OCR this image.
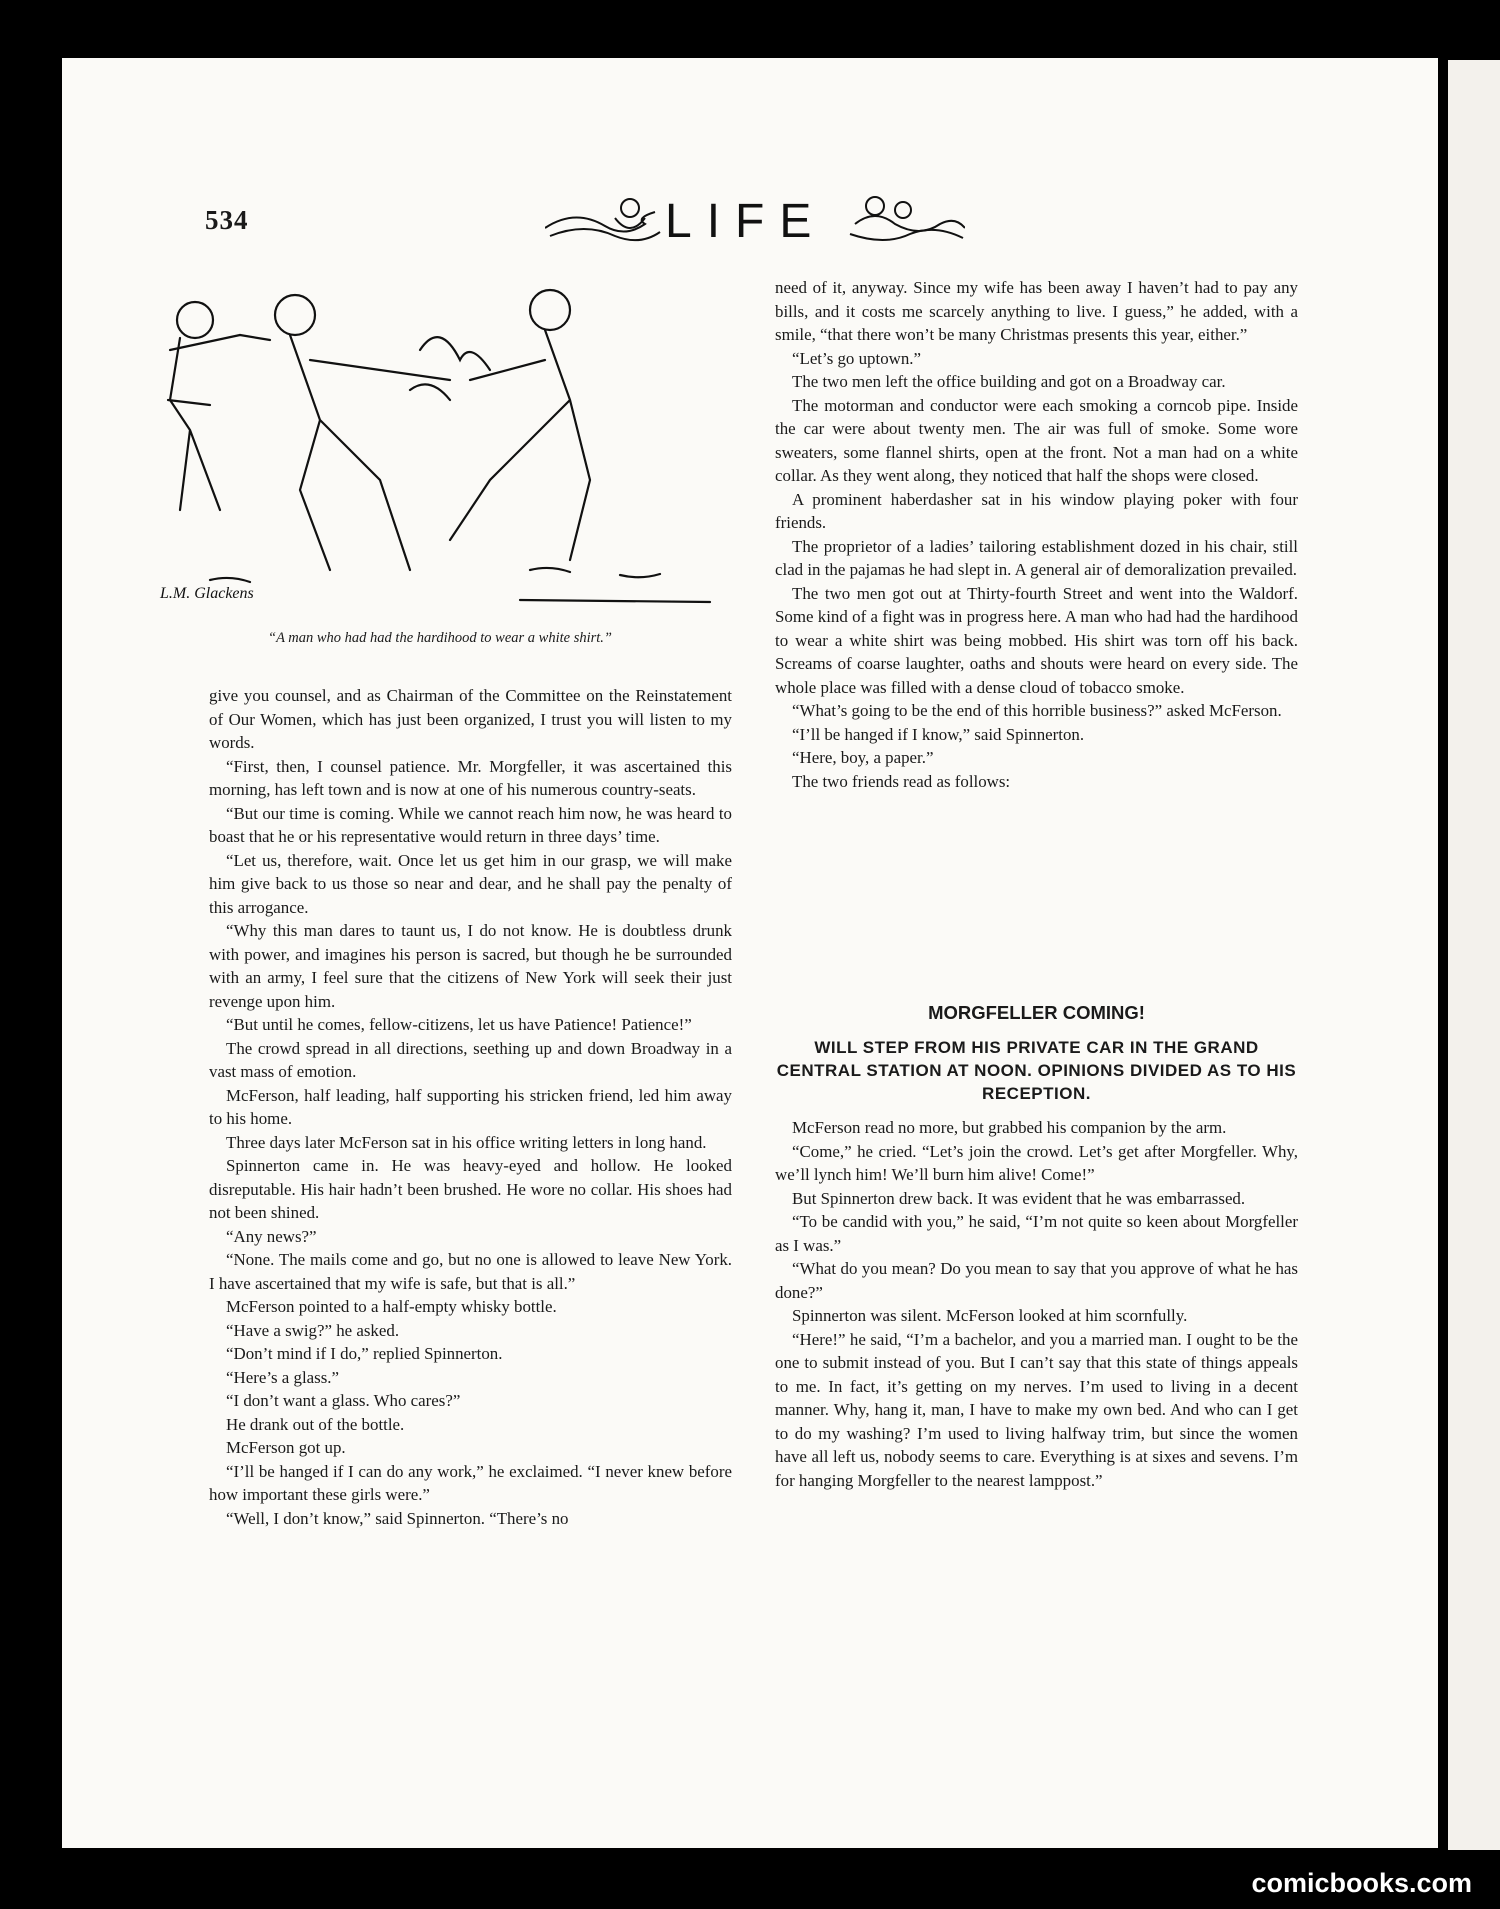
534	LIFE
L.M. Glackens
“A man who had had the hardihood to wear a white shirt.”

give you counsel, and as Chairman of the Committee on the Reinstatement of Our Women, which has just been organized, I trust you will listen to my words.

“First, then, I counsel patience. Mr. Morgfeller, it was ascertained this morning, has left town and is now at one of his numerous country-seats.

“But our time is coming. While we cannot reach him now, he was heard to boast that he or his representative would return in three days’ time.

“Let us, therefore, wait. Once let us get him in our grasp, we will make him give back to us those so near and dear, and he shall pay the penalty of this arrogance.

“Why this man dares to taunt us, I do not know. He is doubtless drunk with power, and imagines his person is sacred, but though he be surrounded with an army, I feel sure that the citizens of New York will seek their just revenge upon him.

“But until he comes, fellow-citizens, let us have Patience! Patience!”

The crowd spread in all directions, seething up and down Broadway in a vast mass of emotion.

McFerson, half leading, half supporting his stricken friend, led him away to his home.

Three days later McFerson sat in his office writing letters in long hand.

Spinnerton came in. He was heavy-eyed and hollow. He looked disreputable. His hair hadn’t been brushed. He wore no collar. His shoes had not been shined.

“Any news?”

“None. The mails come and go, but no one is allowed to leave New York. I have ascertained that my wife is safe, but that is all.”

McFerson pointed to a half-empty whisky bottle.

“Have a swig?” he asked.

“Don’t mind if I do,” replied Spinnerton.

“Here’s a glass.”

“I don’t want a glass. Who cares?”

He drank out of the bottle.

McFerson got up.

“I’ll be hanged if I can do any work,” he exclaimed. “I never knew before how important these girls were.”

“Well, I don’t know,” said Spinnerton. “There’s no

need of it, anyway. Since my wife has been away I haven’t had to pay any bills, and it costs me scarcely anything to live. I guess,” he added, with a smile, “that there won’t be many Christmas presents this year, either.”

“Let’s go uptown.”

The two men left the office building and got on a Broadway car.

The motorman and conductor were each smoking a corncob pipe. Inside the car were about twenty men. The air was full of smoke. Some wore sweaters, some flannel shirts, open at the front. Not a man had on a white collar. As they went along, they noticed that half the shops were closed.

A prominent haberdasher sat in his window playing poker with four friends.

The proprietor of a ladies’ tailoring establishment dozed in his chair, still clad in the pajamas he had slept in. A general air of demoralization prevailed.

The two men got out at Thirty-fourth Street and went into the Waldorf. Some kind of a fight was in progress here. A man who had had the hardihood to wear a white shirt was being mobbed. His shirt was torn off his back. Screams of coarse laughter, oaths and shouts were heard on every side. The whole place was filled with a dense cloud of tobacco smoke.

“What’s going to be the end of this horrible business?” asked McFerson.

“I’ll be hanged if I know,” said Spinnerton.

“Here, boy, a paper.”

The two friends read as follows:

MORGFELLER COMING!
WILL STEP FROM HIS PRIVATE CAR IN THE GRAND CENTRAL STATION AT NOON. OPINIONS DIVIDED AS TO HIS RECEPTION.

McFerson read no more, but grabbed his companion by the arm.

“Come,” he cried. “Let’s join the crowd. Let’s get after Morgfeller. Why, we’ll lynch him! We’ll burn him alive! Come!”

But Spinnerton drew back. It was evident that he was embarrassed.

“To be candid with you,” he said, “I’m not quite so keen about Morgfeller as I was.”

“What do you mean? Do you mean to say that you approve of what he has done?”

Spinnerton was silent. McFerson looked at him scornfully.

“Here!” he said, “I’m a bachelor, and you a married man. I ought to be the one to submit instead of you. But I can’t say that this state of things appeals to me. In fact, it’s getting on my nerves. I’m used to living in a decent manner. Why, hang it, man, I have to make my own bed. And who can I get to do my washing? I’m used to living halfway trim, but since the women have all left us, nobody seems to care. Everything is at sixes and sevens. I’m for hanging Morgfeller to the nearest lamppost.”

comicbooks.com
